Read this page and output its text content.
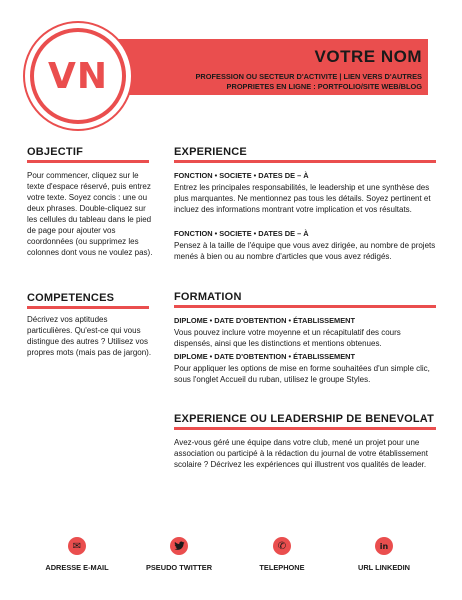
VN	VOTRE NOM
PROFESSION OU SECTEUR D'ACTIVITE | LIEN VERS D'AUTRES PROPRIETES EN LIGNE : PORTFOLIO/SITE WEB/BLOG
OBJECTIF
Pour commencer, cliquez sur le texte d'espace réservé, puis entrez votre texte. Soyez concis : une ou deux phrases. Double-cliquez sur les cellules du tableau dans le pied de page pour ajouter vos coordonnées (ou supprimez les colonnes dont vous ne voulez pas).
COMPETENCES
Décrivez vos aptitudes particulières. Qu'est-ce qui vous distingue des autres ? Utilisez vos propres mots (mais pas de jargon).
EXPERIENCE
FONCTION • SOCIETE • DATES DE – À
Entrez les principales responsabilités, le leadership et une synthèse des plus marquantes. Ne mentionnez pas tous les détails. Soyez pertinent et incluez des informations montrant votre implication et vos résultats.
FONCTION • SOCIETE • DATES DE – À
Pensez à la taille de l'équipe que vous avez dirigée, au nombre de projets menés à bien ou au nombre d'articles que vous avez rédigés.
FORMATION
DIPLOME • DATE D'OBTENTION • ÉTABLISSEMENT
Vous pouvez inclure votre moyenne et un récapitulatif des cours dispensés, ainsi que les distinctions et mentions obtenues.
DIPLOME • DATE D'OBTENTION • ÉTABLISSEMENT
Pour appliquer les options de mise en forme souhaitées d'un simple clic, sous l'onglet Accueil du ruban, utilisez le groupe Styles.
EXPERIENCE OU LEADERSHIP DE BENEVOLAT
Avez-vous géré une équipe dans votre club, mené un projet pour une association ou participé à la rédaction du journal de votre établissement scolaire ? Décrivez les expériences qui illustrent vos qualités de leader.
✉
ADRESSE E-MAIL	PSEUDO TWITTER
✆
TELEPHONE
in
URL LINKEDIN
